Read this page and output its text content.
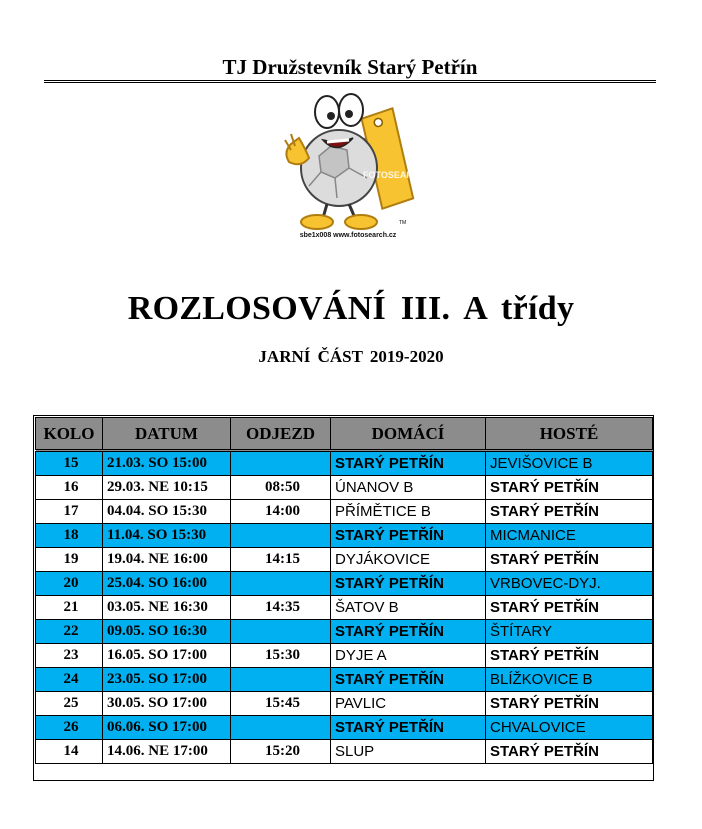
TJ Družstevník Starý Petřín
FOTOSEARCH
TM
sbe1x008 www.fotosearch.cz
ROZLOSOVÁNÍ III. A třídy
JARNÍ ČÁST 2019-2020
KOLO	DATUM	ODJEZD	DOMÁCÍ	HOSTÉ
15	21.03. SO 15:00		STARÝ PETŘÍN	JEVIŠOVICE B
16	29.03. NE 10:15	08:50	ÚNANOV B	STARÝ PETŘÍN
17	04.04. SO 15:30	14:00	PŘÍMĚTICE B	STARÝ PETŘÍN
18	11.04. SO 15:30		STARÝ PETŘÍN	MICMANICE
19	19.04. NE 16:00	14:15	DYJÁKOVICE	STARÝ PETŘÍN
20	25.04. SO 16:00		STARÝ PETŘÍN	VRBOVEC-DYJ.
21	03.05. NE 16:30	14:35	ŠATOV B	STARÝ PETŘÍN
22	09.05. SO 16:30		STARÝ PETŘÍN	ŠTÍTARY
23	16.05. SO 17:00	15:30	DYJE A	STARÝ PETŘÍN
24	23.05. SO 17:00		STARÝ PETŘÍN	BLÍŽKOVICE B
25	30.05. SO 17:00	15:45	PAVLIC	STARÝ PETŘÍN
26	06.06. SO 17:00		STARÝ PETŘÍN	CHVALOVICE
14	14.06. NE 17:00	15:20	SLUP	STARÝ PETŘÍN
